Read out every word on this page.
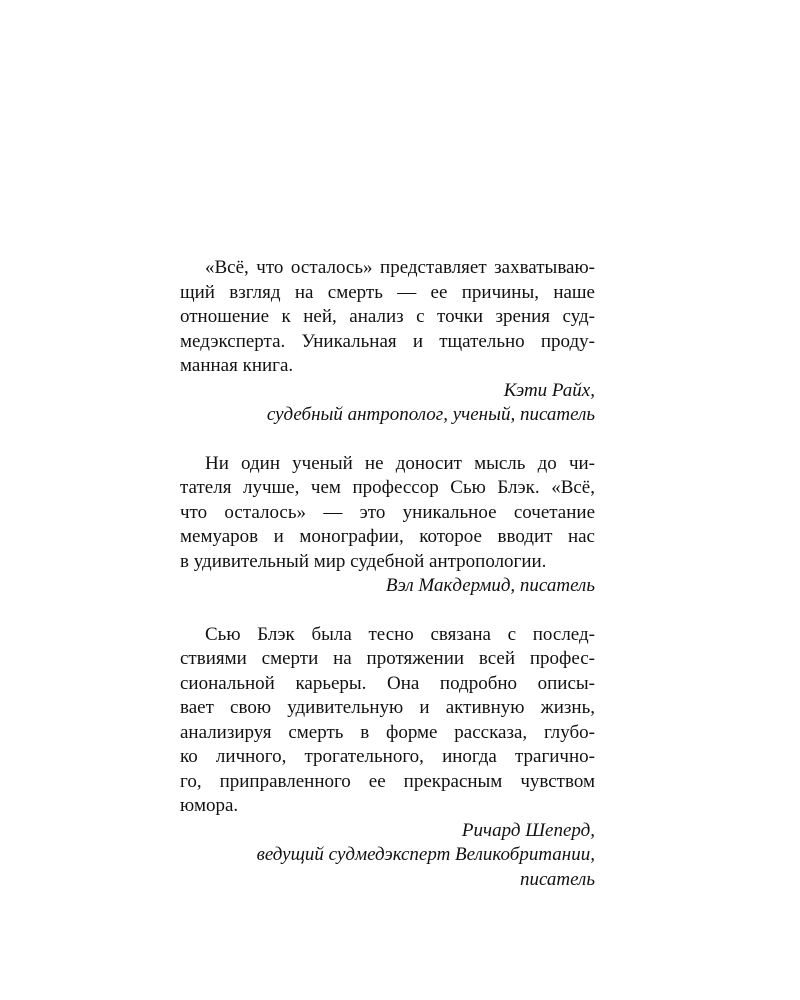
«Всё, что осталось» представляет захватываю-
щий взгляд на смерть — ее причины, наше
отношение к ней, анализ с точки зрения суд-
медэксперта. Уникальная и тщательно проду-
манная книга.
Кэти Райх,
судебный антрополог, ученый, писатель
Ни один ученый не доносит мысль до чи-
тателя лучше, чем профессор Сью Блэк. «Всё,
что осталось» — это уникальное сочетание
мемуаров и монографии, которое вводит нас
в удивительный мир судебной антропологии.
Вэл Макдермид, писатель
Сью Блэк была тесно связана с послед-
ствиями смерти на протяжении всей профес-
сиональной карьеры. Она подробно описы-
вает свою удивительную и активную жизнь,
анализируя смерть в форме рассказа, глубо-
ко личного, трогательного, иногда трагично-
го, приправленного ее прекрасным чувством
юмора.
Ричард Шеперд,
ведущий судмедэксперт Великобритании,
писатель
